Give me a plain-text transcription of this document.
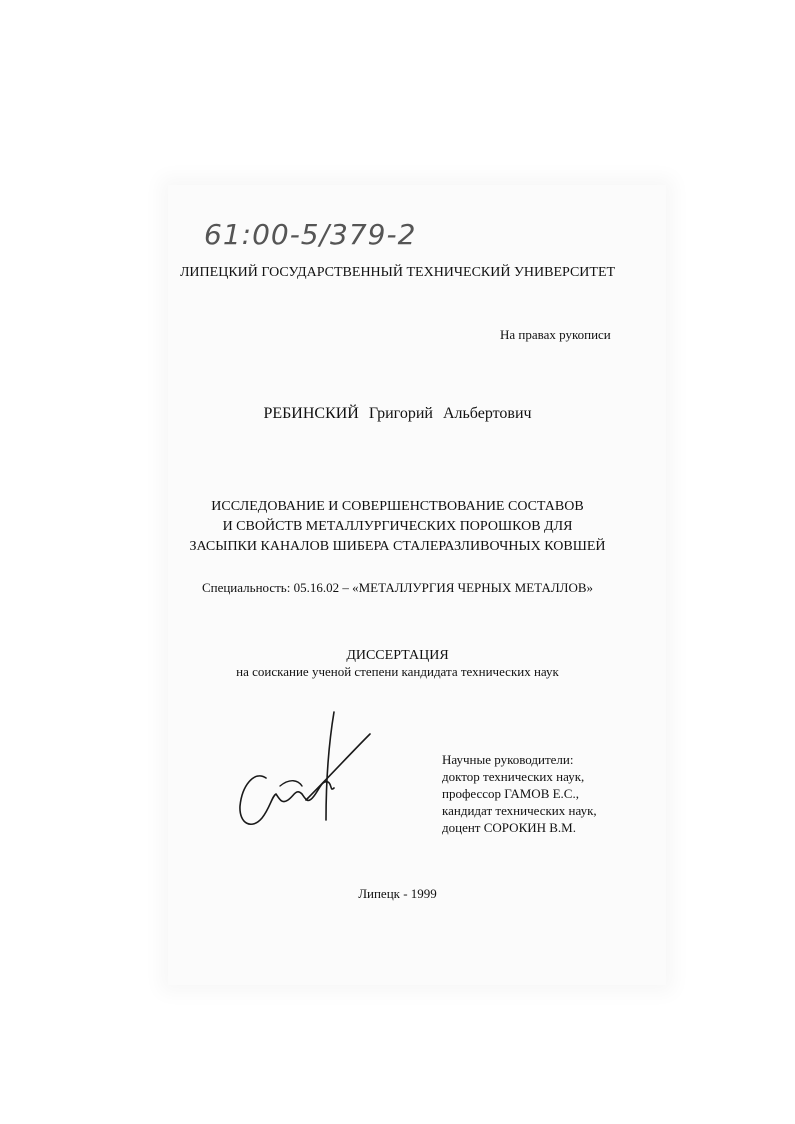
61:00-5/379-2
ЛИПЕЦКИЙ ГОСУДАРСТВЕННЫЙ ТЕХНИЧЕСКИЙ УНИВЕРСИТЕТ
На правах рукописи
РЕБИНСКИЙ Григорий Альбертович
ИССЛЕДОВАНИЕ И СОВЕРШЕНСТВОВАНИЕ СОСТАВОВ
И СВОЙСТВ МЕТАЛЛУРГИЧЕСКИХ ПОРОШКОВ ДЛЯ
ЗАСЫПКИ КАНАЛОВ ШИБЕРА СТАЛЕРАЗЛИВОЧНЫХ КОВШЕЙ
Специальность: 05.16.02 – «МЕТАЛЛУРГИЯ ЧЕРНЫХ МЕТАЛЛОВ»
ДИССЕРТАЦИЯ
на соискание ученой степени кандидата технических наук
Научные руководители:
доктор технических наук,
профессор ГАМОВ Е.С.,
кандидат технических наук,
доцент СОРОКИН В.М.
Липецк - 1999
